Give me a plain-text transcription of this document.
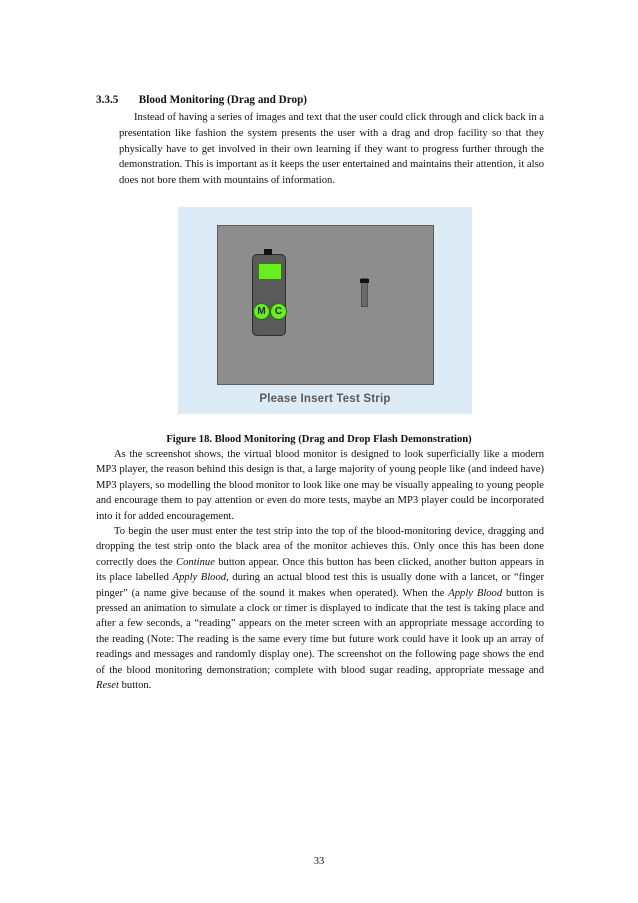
3.3.5 Blood Monitoring (Drag and Drop)

Instead of having a series of images and text that the user could click through and click back in a presentation like fashion the system presents the user with a drag and drop facility so that they physically have to get involved in their own learning if they want to progress further through the demonstration. This is important as it keeps the user entertained and maintains their attention, it also does not bore them with mountains of information.

M C
Please Insert Test Strip
Figure 18. Blood Monitoring (Drag and Drop Flash Demonstration)

As the screenshot shows, the virtual blood monitor is designed to look superficially like a modern MP3 player, the reason behind this design is that, a large majority of young people like (and indeed have) MP3 players, so modelling the blood monitor to look like one may be visually appealing to young people and encourage them to pay attention or even do more tests, maybe an MP3 player could be incorporated into it for added encouragement.

To begin the user must enter the test strip into the top of the blood-monitoring device, dragging and dropping the test strip onto the black area of the monitor achieves this. Only once this has been done correctly does the Continue button appear. Once this button has been clicked, another button appears in its place labelled Apply Blood, during an actual blood test this is usually done with a lancet, or “finger pinger” (a name give because of the sound it makes when operated). When the Apply Blood button is pressed an animation to simulate a clock or timer is displayed to indicate that the test is taking place and after a few seconds, a “reading” appears on the meter screen with an appropriate message according to the reading (Note: The reading is the same every time but future work could have it look up an array of readings and messages and randomly display one). The screenshot on the following page shows the end of the blood monitoring demonstration; complete with blood sugar reading, appropriate message and Reset button.

33
